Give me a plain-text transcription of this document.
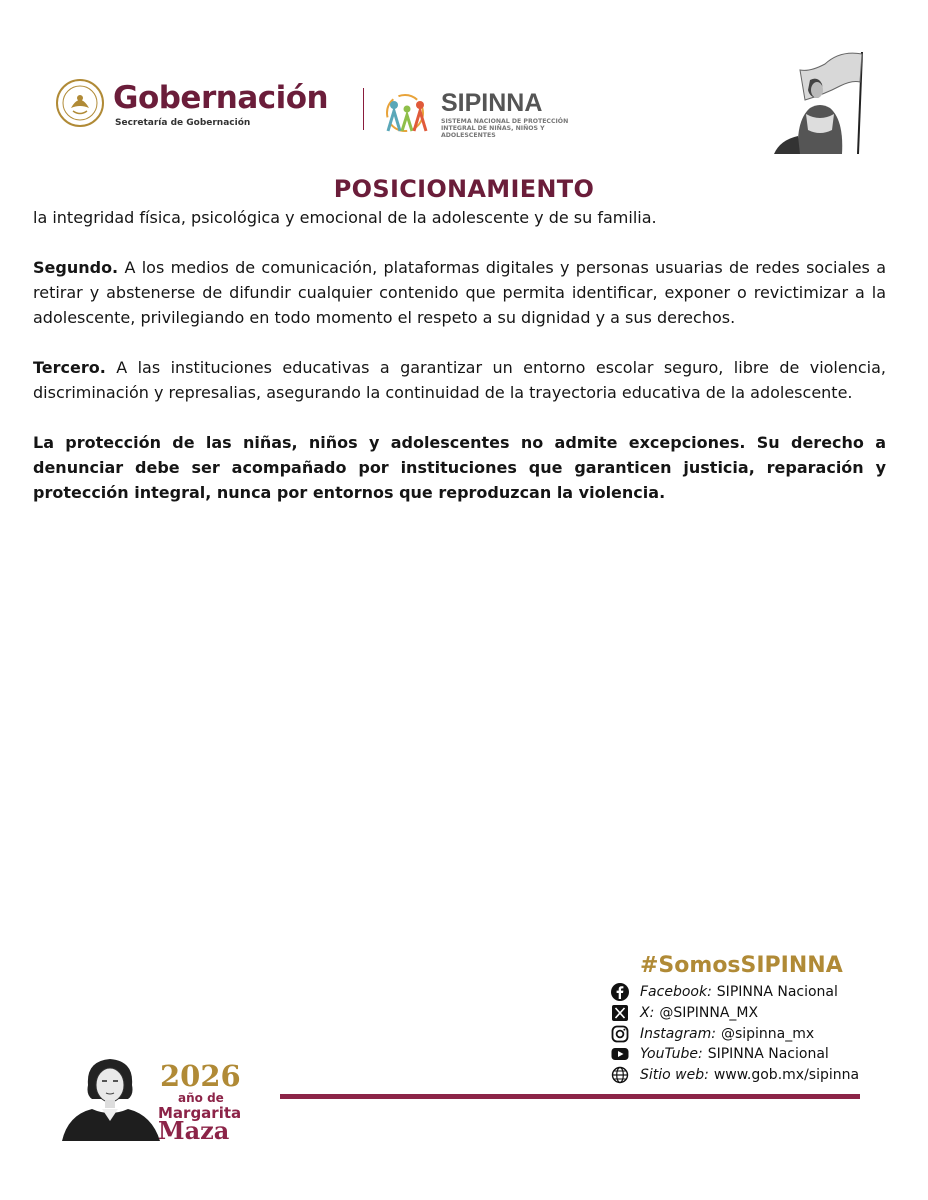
Gobernación
Secretaría de Gobernación
SIPINNA
SISTEMA NACIONAL DE PROTECCIÓN INTEGRAL DE NIÑAS, NIÑOS Y ADOLESCENTES
POSICIONAMIENTO

la integridad física, psicológica y emocional de la adolescente y de su familia.

Segundo. A los medios de comunicación, plataformas digitales y personas usuarias de redes sociales a retirar y abstenerse de difundir cualquier contenido que permita identificar, exponer o revictimizar a la adolescente, privilegiando en todo momento el respeto a su dignidad y a sus derechos.

Tercero. A las instituciones educativas a garantizar un entorno escolar seguro, libre de violencia, discriminación y represalias, asegurando la continuidad de la trayectoria educativa de la adolescente.

La protección de las niñas, niños y adolescentes no admite excepciones. Su derecho a denunciar debe ser acompañado por instituciones que garanticen justicia, reparación y protección integral, nunca por entornos que reproduzcan la violencia.

#SomosSIPINNA
Facebook: SIPINNA Nacional
X: @SIPINNA_MX
Instagram: @sipinna_mx
YouTube: SIPINNA Nacional
Sitio web: www.gob.mx/sipinna
2026
año de
Margarita
Maza
